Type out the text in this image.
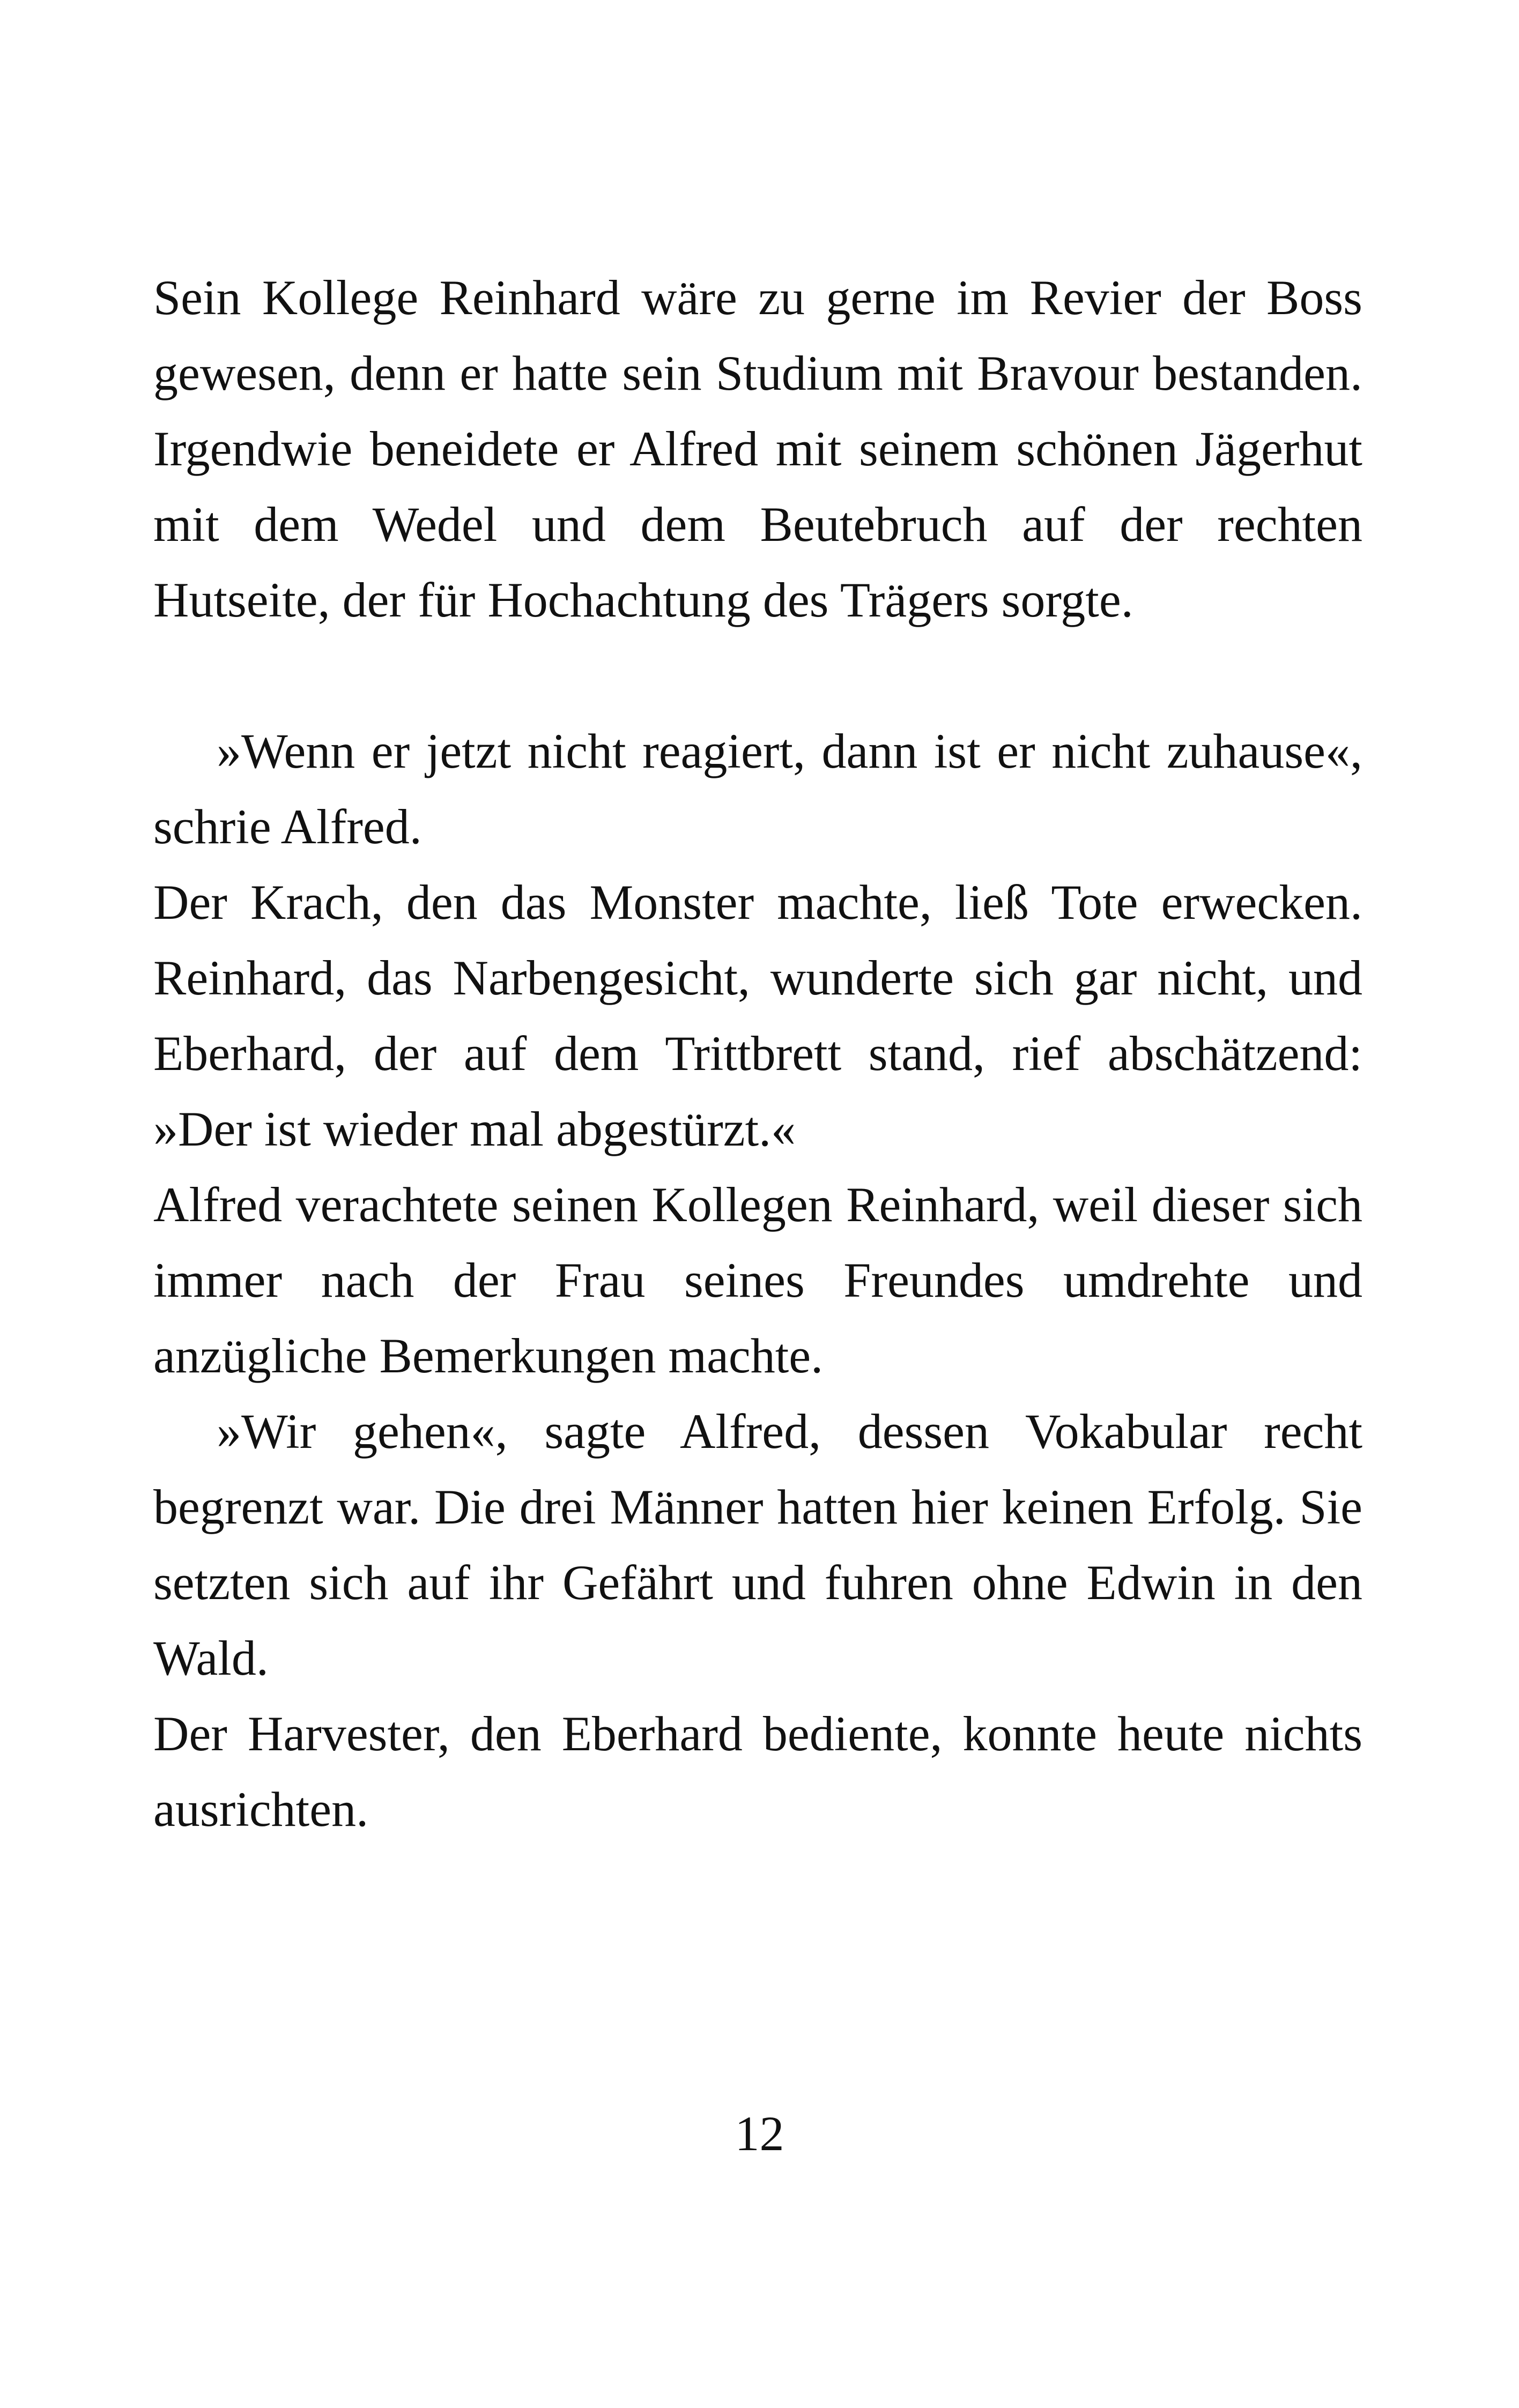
Sein Kollege Reinhard wäre zu gerne im Revier der Boss gewesen, denn er hatte sein Studium mit Bravour bestanden. Irgendwie beneidete er Alfred mit seinem schönen Jägerhut mit dem Wedel und dem Beutebruch auf der rechten Hutseite, der für Hochachtung des Trägers sorgte.

»Wenn er jetzt nicht reagiert, dann ist er nicht zuhause«, schrie Alfred.

Der Krach, den das Monster machte, ließ Tote erwecken. Reinhard, das Narbengesicht, wunderte sich gar nicht, und Eberhard, der auf dem Trittbrett stand, rief abschätzend: »Der ist wieder mal abgestürzt.«

Alfred verachtete seinen Kollegen Reinhard, weil dieser sich immer nach der Frau seines Freundes umdrehte und anzügliche Bemerkungen machte.

»Wir gehen«, sagte Alfred, dessen Vokabular recht begrenzt war. Die drei Männer hatten hier keinen Erfolg. Sie setzten sich auf ihr Gefährt und fuhren ohne Edwin in den Wald.

Der Harvester, den Eberhard bediente, konnte heute nichts ausrichten.

12
